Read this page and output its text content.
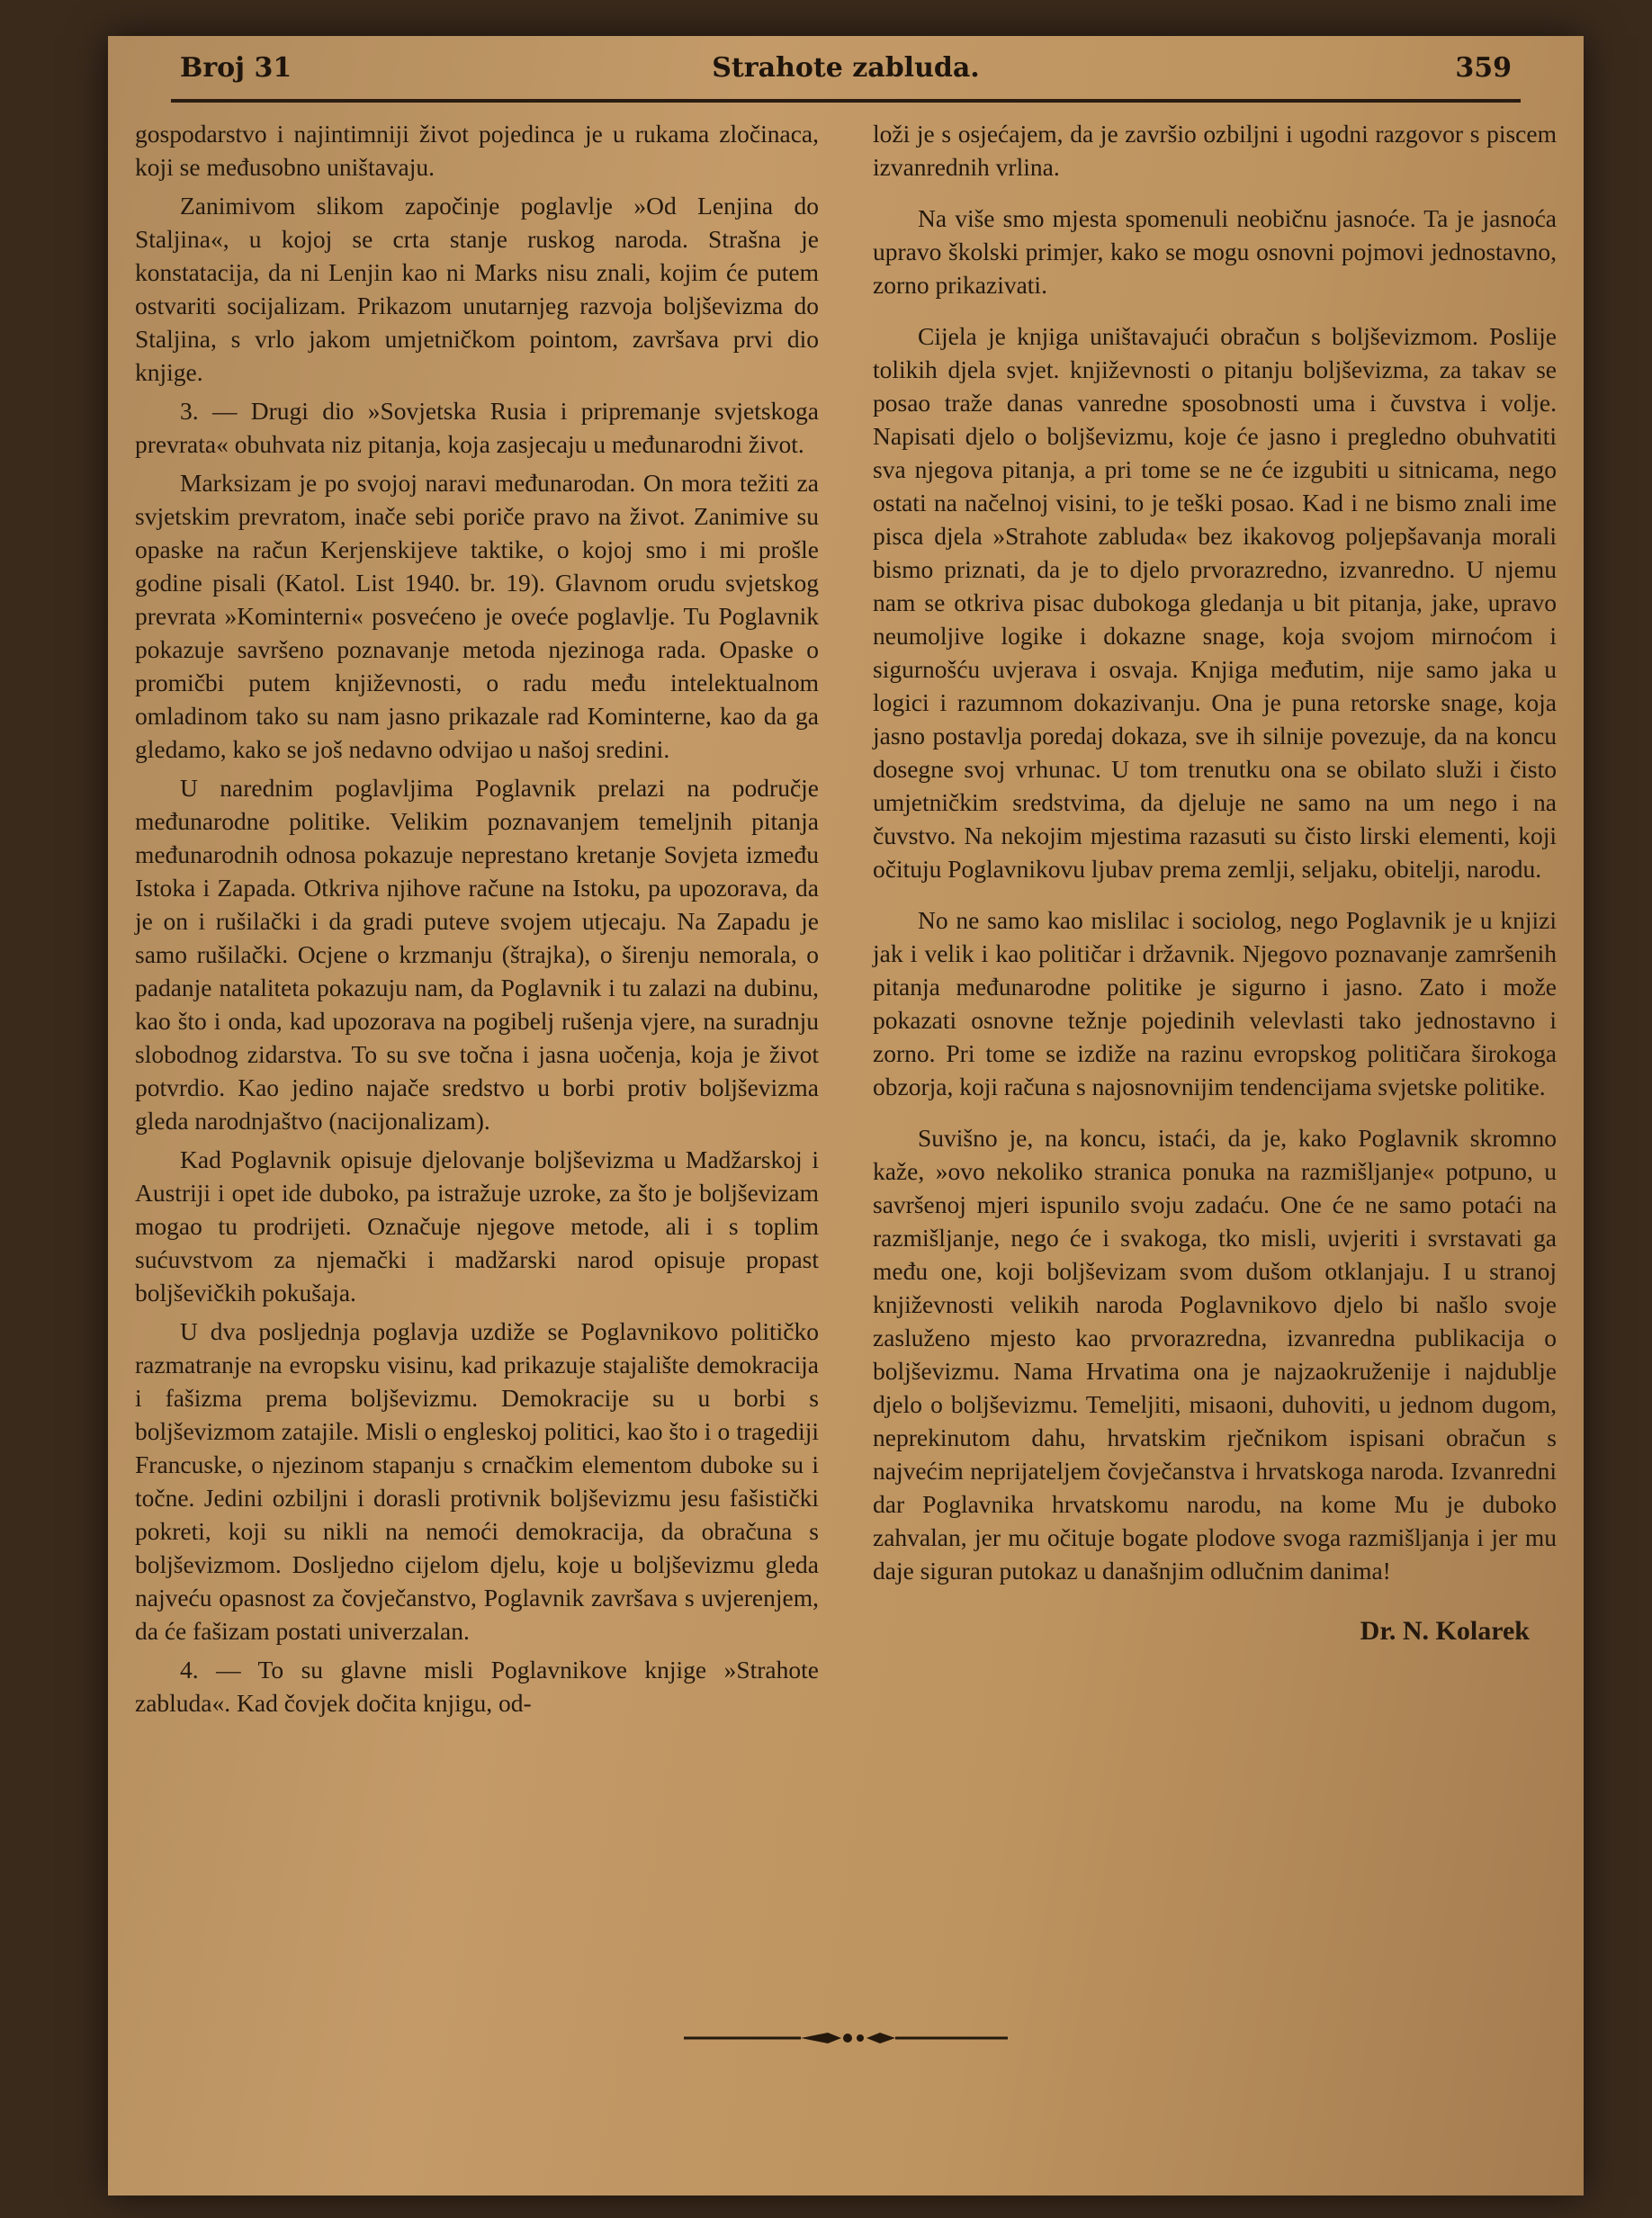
Broj 31	Strahote zabluda.	359

gospodarstvo i najintimniji život pojedinca je u rukama zločinaca, koji se međusobno uništavaju.

Zanimivom slikom započinje poglavlje »Od Lenjina do Staljina«, u kojoj se crta stanje ruskog naroda. Strašna je konstatacija, da ni Lenjin kao ni Marks nisu znali, kojim će putem ostvariti socijalizam. Prikazom unutarnjeg razvoja boljševizma do Staljina, s vrlo jakom umjetničkom pointom, završava prvi dio knjige.

3. — Drugi dio »Sovjetska Rusia i pripremanje svjetskoga prevrata« obuhvata niz pitanja, koja zasjecaju u međunarodni život.

Marksizam je po svojoj naravi međunarodan. On mora težiti za svjetskim prevratom, inače sebi poriče pravo na život. Zanimive su opaske na račun Kerjenskijeve taktike, o kojoj smo i mi prošle godine pisali (Katol. List 1940. br. 19). Glavnom orudu svjetskog prevrata »Kominterni« posvećeno je oveće poglavlje. Tu Poglavnik pokazuje savršeno poznavanje metoda njezinoga rada. Opaske o promičbi putem književnosti, o radu među intelektualnom omladinom tako su nam jasno prikazale rad Kominterne, kao da ga gledamo, kako se još nedavno odvijao u našoj sredini.

U narednim poglavljima Poglavnik prelazi na područje međunarodne politike. Velikim poznavanjem temeljnih pitanja međunarodnih odnosa pokazuje neprestano kretanje Sovjeta između Istoka i Zapada. Otkriva njihove račune na Istoku, pa upozorava, da je on i rušilački i da gradi puteve svojem utjecaju. Na Zapadu je samo rušilački. Ocjene o krzmanju (štrajka), o širenju nemorala, o padanje nataliteta pokazuju nam, da Poglavnik i tu zalazi na dubinu, kao što i onda, kad upozorava na pogibelj rušenja vjere, na suradnju slobodnog zidarstva. To su sve točna i jasna uočenja, koja je život potvrdio. Kao jedino najače sredstvo u borbi protiv boljševizma gleda narodnjaštvo (nacijonalizam).

Kad Poglavnik opisuje djelovanje boljševizma u Madžarskoj i Austriji i opet ide duboko, pa istražuje uzroke, za što je boljševizam mogao tu prodrijeti. Označuje njegove metode, ali i s toplim sućuvstvom za njemački i madžarski narod opisuje propast boljševičkih pokušaja.

U dva posljednja poglavja uzdiže se Poglavnikovo političko razmatranje na evropsku visinu, kad prikazuje stajalište demokracija i fašizma prema boljševizmu. Demokracije su u borbi s boljševizmom zatajile. Misli o engleskoj politici, kao što i o tragediji Francuske, o njezinom stapanju s crnačkim elementom duboke su i točne. Jedini ozbiljni i dorasli protivnik boljševizmu jesu fašistički pokreti, koji su nikli na nemoći demokracija, da obračuna s boljševizmom. Dosljedno cijelom djelu, koje u boljševizmu gleda najveću opasnost za čovječanstvo, Poglavnik završava s uvjerenjem, da će fašizam postati univerzalan.

4. — To su glavne misli Poglavnikove knjige »Strahote zabluda«. Kad čovjek dočita knjigu, od-

loži je s osjećajem, da je završio ozbiljni i ugodni razgovor s piscem izvanrednih vrlina.

Na više smo mjesta spomenuli neobičnu jasnoće. Ta je jasnoća upravo školski primjer, kako se mogu osnovni pojmovi jednostavno, zorno prikazivati.

Cijela je knjiga uništavajući obračun s boljševizmom. Poslije tolikih djela svjet. književnosti o pitanju boljševizma, za takav se posao traže danas vanredne sposobnosti uma i čuvstva i volje. Napisati djelo o boljševizmu, koje će jasno i pregledno obuhvatiti sva njegova pitanja, a pri tome se ne će izgubiti u sitnicama, nego ostati na načelnoj visini, to je teški posao. Kad i ne bismo znali ime pisca djela »Strahote zabluda« bez ikakovog poljepšavanja morali bismo priznati, da je to djelo prvorazredno, izvanredno. U njemu nam se otkriva pisac dubokoga gledanja u bit pitanja, jake, upravo neumoljive logike i dokazne snage, koja svojom mirnoćom i sigurnošću uvjerava i osvaja. Knjiga međutim, nije samo jaka u logici i razumnom dokazivanju. Ona je puna retorske snage, koja jasno postavlja poredaj dokaza, sve ih silnije povezuje, da na koncu dosegne svoj vrhunac. U tom trenutku ona se obilato služi i čisto umjetničkim sredstvima, da djeluje ne samo na um nego i na čuvstvo. Na nekojim mjestima razasuti su čisto lirski elementi, koji očituju Poglavnikovu ljubav prema zemlji, seljaku, obitelji, narodu.

No ne samo kao mislilac i sociolog, nego Poglavnik je u knjizi jak i velik i kao političar i državnik. Njegovo poznavanje zamršenih pitanja međunarodne politike je sigurno i jasno. Zato i može pokazati osnovne težnje pojedinih velevlasti tako jednostavno i zorno. Pri tome se izdiže na razinu evropskog političara širokoga obzorja, koji računa s najosnovnijim tendencijama svjetske politike.

Suvišno je, na koncu, istaći, da je, kako Poglavnik skromno kaže, »ovo nekoliko stranica ponuka na razmišljanje« potpuno, u savršenoj mjeri ispunilo svoju zadaću. One će ne samo potaći na razmišljanje, nego će i svakoga, tko misli, uvjeriti i svrstavati ga među one, koji boljševizam svom dušom otklanjaju. I u stranoj književnosti velikih naroda Poglavnikovo djelo bi našlo svoje zasluženo mjesto kao prvorazredna, izvanredna publikacija o boljševizmu. Nama Hrvatima ona je najzaokruženije i najdublje djelo o boljševizmu. Temeljiti, misaoni, duhoviti, u jednom dugom, neprekinutom dahu, hrvatskim rječnikom ispisani obračun s najvećim neprijateljem čovječanstva i hrvatskoga naroda. Izvanredni dar Poglavnika hrvatskomu narodu, na kome Mu je duboko zahvalan, jer mu očituje bogate plodove svoga razmišljanja i jer mu daje siguran putokaz u današnjim odlučnim danima!

Dr. N. Kolarek
